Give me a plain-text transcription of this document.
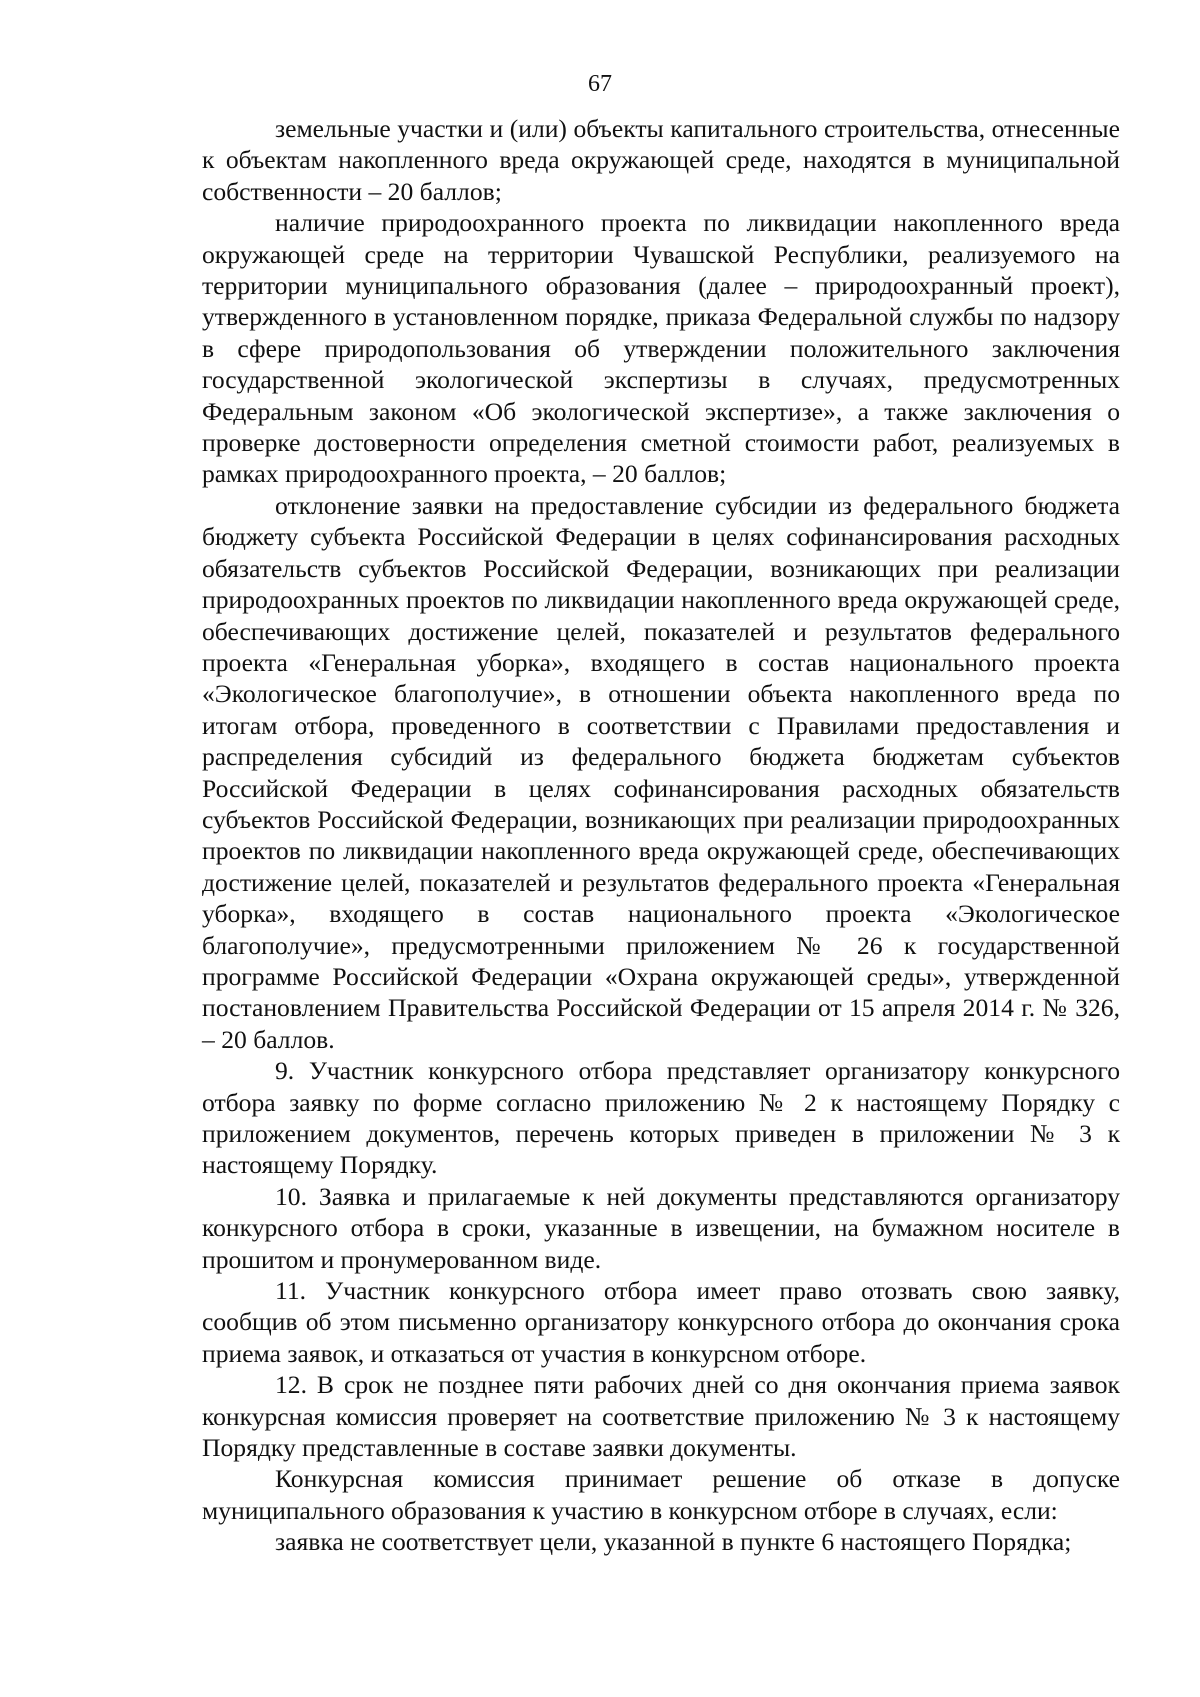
67

земельные участки и (или) объекты капитального строительства, отнесенные к объектам накопленного вреда окружающей среде, находятся в муниципальной собственности – 20 баллов;

наличие природоохранного проекта по ликвидации накопленного вреда окружающей среде на территории Чувашской Республики, реализуемого на территории муниципального образования (далее – природоохранный проект), утвержденного в установленном порядке, приказа Федеральной службы по надзору в сфере природопользования об утверждении положительного заключения государственной экологической экспертизы в случаях, предусмотренных Федеральным законом «Об экологической экспертизе», а также заключения о проверке достоверности определения сметной стоимости работ, реализуемых в рамках природоохранного проекта, – 20 баллов;

отклонение заявки на предоставление субсидии из федерального бюджета бюджету субъекта Российской Федерации в целях софинансирования расходных обязательств субъектов Российской Федерации, возникающих при реализации природоохранных проектов по ликвидации накопленного вреда окружающей среде, обеспечивающих достижение целей, показателей и результатов федерального проекта «Генеральная уборка», входящего в состав национального проекта «Экологическое благополучие», в отношении объекта накопленного вреда по итогам отбора, проведенного в соответствии с Правилами предоставления и распределения субсидий из федерального бюджета бюджетам субъектов Российской Федерации в целях софинансирования расходных обязательств субъектов Российской Федерации, возникающих при реализации природоохранных проектов по ликвидации накопленного вреда окружающей среде, обеспечивающих достижение целей, показателей и результатов федерального проекта «Генеральная уборка», входящего в состав национального проекта «Экологическое благополучие», предусмотренными приложением № 26 к государственной программе Российской Федерации «Охрана окружающей среды», утвержденной постановлением Правительства Российской Федерации от 15 апреля 2014 г. № 326, – 20 баллов.

9. Участник конкурсного отбора представляет организатору конкурсного отбора заявку по форме согласно приложению № 2 к настоящему Порядку с приложением документов, перечень которых приведен в приложении № 3 к настоящему Порядку.

10. Заявка и прилагаемые к ней документы представляются организатору конкурсного отбора в сроки, указанные в извещении, на бумажном носителе в прошитом и пронумерованном виде.

11. Участник конкурсного отбора имеет право отозвать свою заявку, сообщив об этом письменно организатору конкурсного отбора до окончания срока приема заявок, и отказаться от участия в конкурсном отборе.

12. В срок не позднее пяти рабочих дней со дня окончания приема заявок конкурсная комиссия проверяет на соответствие приложению № 3 к настоящему Порядку представленные в составе заявки документы.

Конкурсная комиссия принимает решение об отказе в допуске муниципального образования к участию в конкурсном отборе в случаях, если:

заявка не соответствует цели, указанной в пункте 6 настоящего Порядка;
